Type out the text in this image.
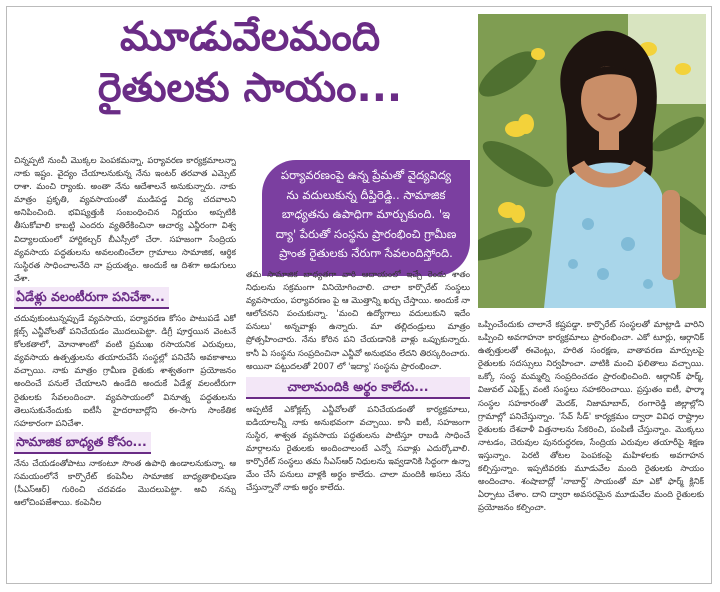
మూడువేలమంది
రైతులకు సాయం...
పర్యావరణంపై ఉన్న ప్రేమతో వైద్యవిద్య ను వదులుకున్న దీప్తిరెడ్డి.. సామాజిక బాధ్యతను ఉపాధిగా మార్చుకుంది. 'ఇ ద్యా' పేరుతో సంస్థను ప్రారంభించి గ్రామీణ ప్రాంత రైతులకు నేరుగా సేవలందిస్తోంది.

చిన్నప్పటి నుంచీ మొక్కల పెంపకమన్నా, పర్యావరణ కార్యక్రమాలన్నా నాకు ఇష్టం. వైద్యం చేయాలనుకున్న నేను ఇంటర్ తరవాత ఎమ్సెట్ రాశా. మంచి ర్యాంకు. అంతా నేను ఆదేశాలనే అనుకున్నారు. నాకు మాత్రం ప్రకృతి, వ్యవసాయంతో ముడిపడ్డ విద్య చదవాలని అనిపించింది. భవిష్యత్తుకి సంబంధించిన నిర్ణయం అప్పటికి తీసుకోవాలి కాబట్టి ఎందరు వ్యతిరేకించినా ఆచార్య ఎన్జీరంగా విశ్వ విద్యాలయంలో హార్టికల్చర్ బీఎస్సీలో చేరా. సహజంగా సేంద్రియ వ్యవసాయ పద్ధతులను అవలంబించేలా గ్రామాలు సామాజిక, ఆర్థిక సుస్థిరత సాధించాలనేది నా ప్రయత్నం. అందుకే ఆ దిశగా అడుగులు వేశా.

ఏడేళ్లు వలంటీరుగా పనిచేశా...

చదువుకుంటున్నప్పుడే వ్యవసాయ, పర్యావరణ కోసం పాటుపడే ఎకో క్లబ్స్ ఎన్జీవోలతో పనిచేయడం మొదలుపెట్టా. డిగ్రీ పూర్తయిన వెంటనే కోలకతాలో, మోనాశాంటో వంటి ప్రముఖ రసాయనిక ఎరువులు, వ్యవసాయ ఉత్పత్తులను తయారుచేసే సంస్థల్లో పనిచేసే అవకాశాలు వచ్చాయి. నాకు మాత్రం గ్రామీణ రైతుకు శాశ్వతంగా ప్రయోజనం అందించే పనులే చేయాలని ఉండేది అందుకే ఏడేళ్ల వలంటీరుగా రైతులకు సేవలందించా. వ్యవసాయంలో వినూత్న పద్ధతులను తెలుసుకునేందుకు ఐటీసీ హైదరాబాద్లోని ఈ-సాగు సాంకేతిక సహకారంగా పనిచేశా.

సామాజిక బాధ్యత కోసం...

నేను చేయడంతోపాటు నాకంటూ సొంత ఉపాధి ఉండాలనుకున్నా. ఆ సమయంలోనే కార్పొరేట్ కంపెనీల సామాజిక బాధ్యతాభిలషణ (సీఎస్ఆర్) గురించి చదవడం మొదలుపెట్టా. అవి నన్ను ఆలోచింపజేశాయి. కంపెనీల

తమ సామాజిక బాధ్యతగా వారి ఆదాయంలో ఇచ్చే రెండు శాతం నిధులను సక్రమంగా వినియోగించాలి. చాలా కార్పొరేట్ సంస్థలు వ్యవసాయం, పర్యావరణం పై ఆ మొత్తాన్ని ఖర్చు చేస్తాయి. అందుకే నా ఆలోచనని పంచుకున్నా. 'మంచి ఉద్యోగాలు వదులుకుని ఇదేం పనులు' అన్నవాళ్లు ఉన్నారు. మా తల్లిదండ్రులు మాత్రం ప్రోత్సహించారు. నేను కోరిన పని చేయడానికి వాళ్లు ఒప్పుకున్నారు. కానీ ఏ సంస్థను సంప్రదించినా ఎన్జీవో అనుభవం లేదని తిరస్కరించారు. అయినా పట్టుదలతో 2007 లో 'ఇద్యా' సంస్థను ప్రారంభించా.

చాలామందికి అర్థం కాలేదు...

అప్పటికే ఎకోక్లబ్స్ ఎన్జీవోలతో పనిచేయడంతో కార్యక్రమాలు, ఐడియాలన్నీ నాకు అనుభవంగా వచ్చాయి. కానీ ఐటీ, సహజంగా సుస్థిర, శాశ్వత వ్యవసాయ పద్ధతులను పాటిస్తూ రాబడి సాధించే మార్గాలను రైతులకు అందించాలంటే ఎన్నో సవాళ్లు ఎదుర్కోవాలి. కార్పొరేట్ సంస్థలు తమ సీఎస్ఆర్ నిధులను ఇవ్వడానికి సిద్ధంగా ఉన్నా మేం చేసే పనులు వాళ్లకి అర్థం కాలేదు. చాలా మందికి అసలు నేను చేస్తున్నానో నాకు అర్థం కాలేదు.

ఒప్పించేందుకు చాలానే కష్టపడ్డా. కార్పొరేట్ సంస్థలతో మాట్లాడి వారిని ఒప్పించి అవగాహనా కార్యక్రమాలు ప్రారంభించా. ఎకో టూర్లు, ఆర్గానిక్ ఉత్పత్తులతో ఈవెంట్లు, హరిత సంరక్షణ, వాతావరణ మార్పులపై రైతులకు సదస్సులు నిర్వహించా. వాటికి మంచి ఫలితాలు వచ్చాయి. ఒక్కో సంస్థ మమ్మల్ని సంప్రదించడం ప్రారంభించింది. ఆర్గానిక్ ఫార్మ్, విజువల్ ఎఫెక్ట్స్ వంటి సంస్థలు సహకరించాయి. ప్రస్తుతం ఐటీ, ఫార్మా సంస్థల సహకారంతో మెదక్, నిజామాబాద్, రంగారెడ్డి జిల్లాల్లోని గ్రామాల్లో పనిచేస్తున్నాం. 'సేవ్ సీడ్' కార్యక్రమం ద్వారా వివిధ రాష్ట్రాల రైతులకు దేశవాళీ విత్తనాలను సేకరించి, పంపిణీ చేస్తున్నాం. మొక్కలు నాటడం, చెరువుల పునరుద్ధరణ, సేంద్రియ ఎరువుల తయారీపై శిక్షణ ఇస్తున్నాం. పెరటి తోటల పెంపకంపై మహిళలకు అవగాహన కల్పిస్తున్నాం. ఇప్పటివరకు మూడువేల మంది రైతులకు సాయం అందించాం. శంషాబాద్లో 'నాబార్డ్' సాయంతో మా ఎకో ఫార్మ్ క్లినిక్ ఏర్పాటు చేశాం. దాని ద్వారా అవసరమైన మూడువేల మంది రైతులకు ప్రయోజనం కల్పించా.
